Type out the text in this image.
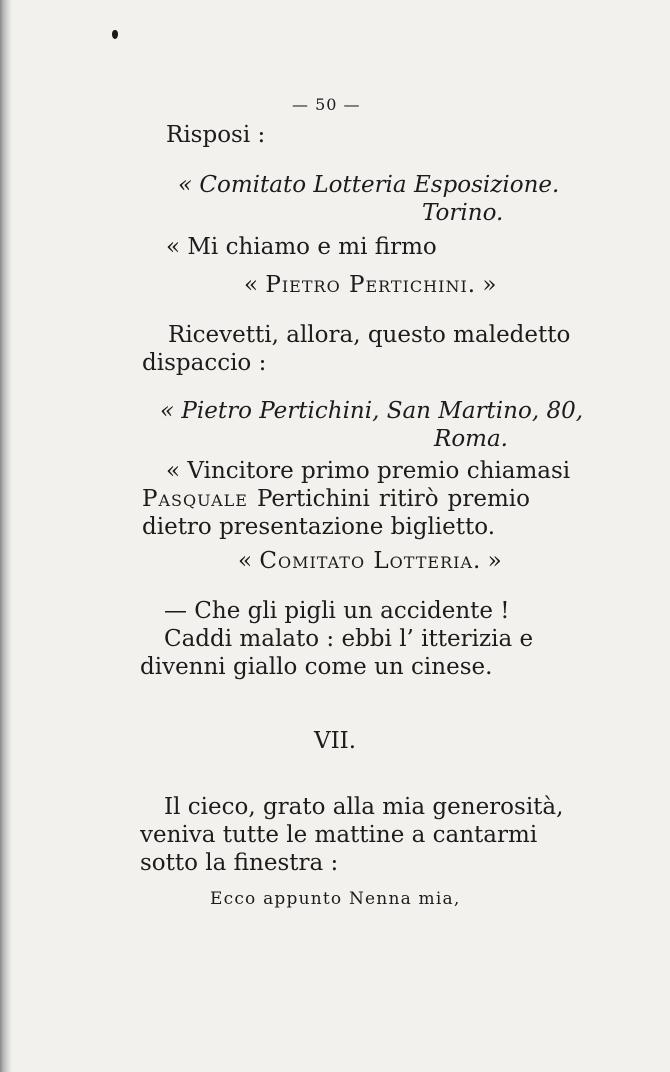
— 50 —
Risposi :
« Comitato Lotteria Esposizione.
Torino.
« Mi chiamo e mi firmo
« Pietro Pertichini. »
Ricevetti, allora, questo maledetto
dispaccio :
« Pietro Pertichini, San Martino, 80,
Roma.
« Vincitore primo premio chiamasi
Pasquale Pertichini ritirò premio
dietro presentazione biglietto.
« Comitato Lotteria. »
— Che gli pigli un accidente !
Caddi malato : ebbi l’ itterizia e
divenni giallo come un cinese.
VII.
Il cieco, grato alla mia generosità,
veniva tutte le mattine a cantarmi
sotto la finestra :
Ecco appunto Nenna mia,
